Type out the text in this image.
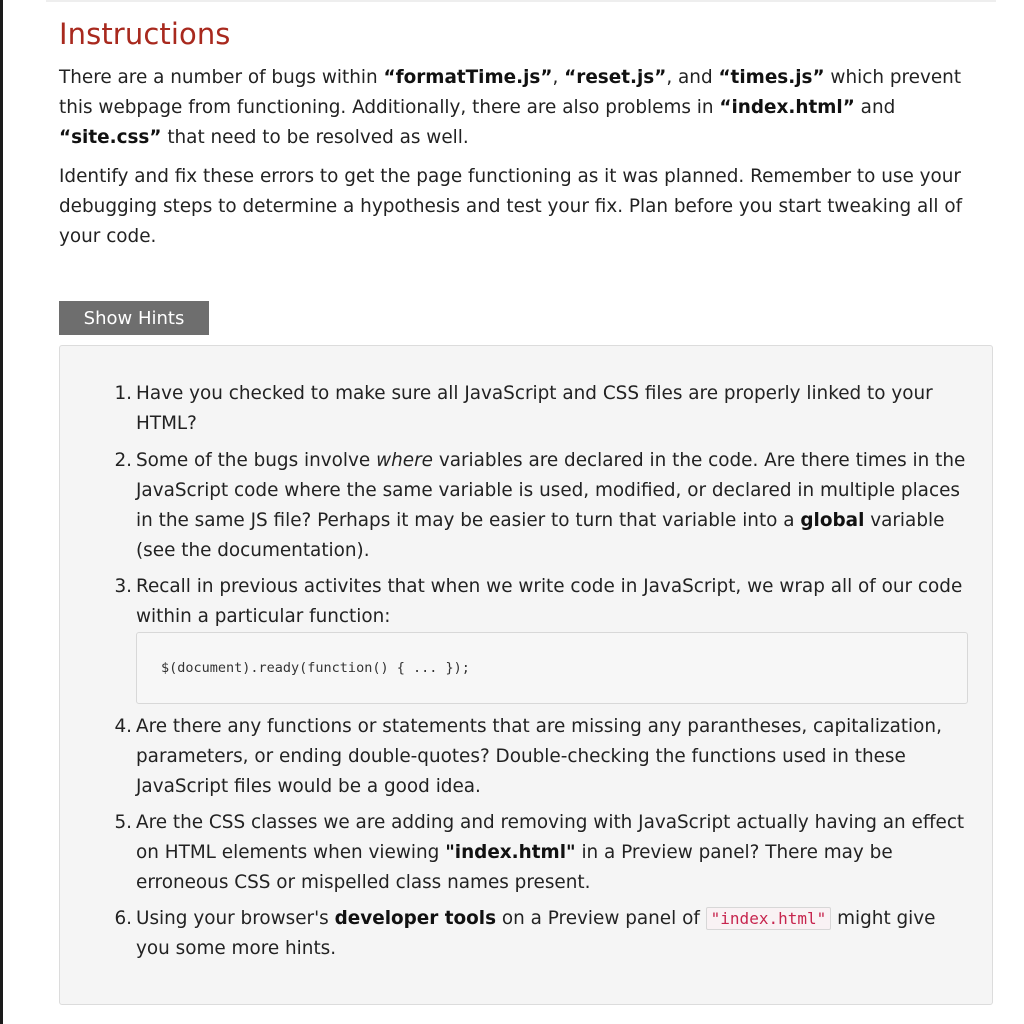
Instructions

There are a number of bugs within “formatTime.js”, “reset.js”, and “times.js” which prevent this webpage from functioning. Additionally, there are also problems in “index.html” and “site.css” that need to be resolved as well.

Identify and fix these errors to get the page functioning as it was planned. Remember to use your debugging steps to determine a hypothesis and test your fix. Plan before you start tweaking all of your code.

Show Hints
1. Have you checked to make sure all JavaScript and CSS files are properly linked to your HTML?
2. Some of the bugs involve where variables are declared in the code. Are there times in the JavaScript code where the same variable is used, modified, or declared in multiple places in the same JS file? Perhaps it may be easier to turn that variable into a global variable (see the documentation).
3. Recall in previous activites that when we write code in JavaScript, we wrap all of our code within a particular function:
$(document).ready(function() { ... });
4. Are there any functions or statements that are missing any parantheses, capitalization, parameters, or ending double-quotes? Double-checking the functions used in these JavaScript files would be a good idea.
5. Are the CSS classes we are adding and removing with JavaScript actually having an effect on HTML elements when viewing "index.html" in a Preview panel? There may be erroneous CSS or mispelled class names present.
6. Using your browser's developer tools on a Preview panel of "index.html" might give you some more hints.
